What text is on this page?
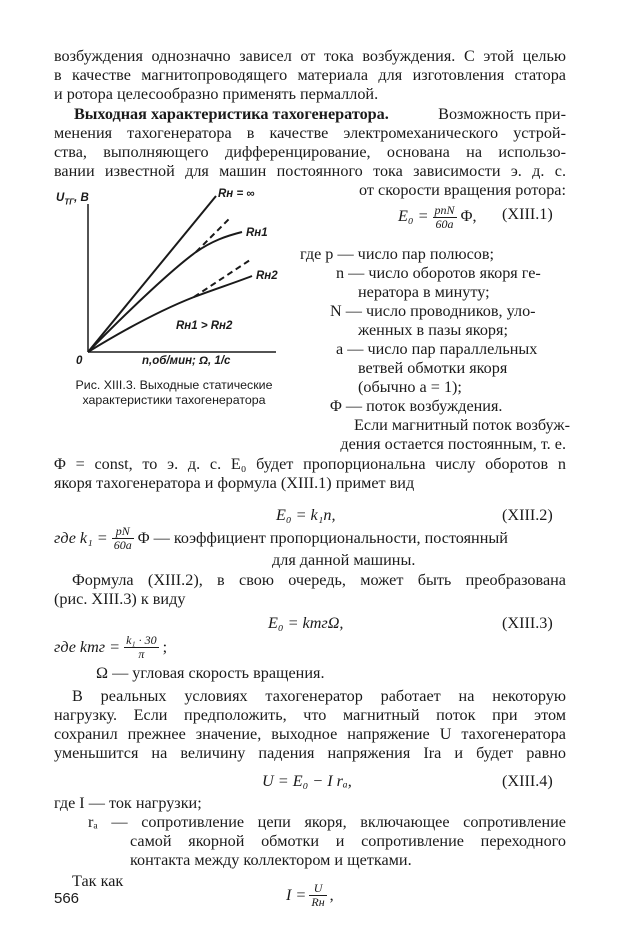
возбуждения однозначно зависел от тока возбуждения. С этой целью
в качестве магнитопроводящего материала для изготовления статора
и ротора целесообразно применять пермаллой.
Выходная характеристика тахогенератора.	Возможность при-
менения тахогенератора в качестве электромеханического устрой-
ства, выполняющего дифференцирование, основана на использо-
вании известной для машин постоянного тока зависимости э. д. с.
от скорости вращения ротора:
$U_{ТГ}$, В	Rн = ∞
Rн1
Rн2
Rн1 > Rн2
0	n,об/мин; Ω, 1/с
Рис. XIII.3. Выходные статические
характеристики тахогенератора
$E_0 = \frac{\text{pnN}}{60a} \Phi$, (XIII.1)
где p — число пар полюсов;
n — число оборотов якоря ге-
нератора в минуту;
N — число проводников, уло-
женных в пазы якоря;
a — число пар параллельных
ветвей обмотки якоря
(обычно a = 1);
Φ — поток возбуждения.
Если магнитный поток возбуж-
дения остается постоянным, т. е.
Φ = const, то э. д. с. E₀ будет пропорциональна числу оборотов n
якоря тахогенератора и формула (XIII.1) примет вид
E₀ = k₁n,	(XIII.2)
где $k_1 = \frac{pN}{60a}$ Φ — коэффициент пропорциональности, постоянный
для данной машины.
Формула (XIII.2), в свою очередь, может быть преобразована
(рис. XIII.3) к виду
E₀ = kтгΩ,	(XIII.3)
где kтг = $\frac{\text{k₁ · 30}}{\pi}$ ;
Ω — угловая скорость вращения.
В реальных условиях тахогенератор работает на некоторую
нагрузку. Если предположить, что магнитный поток при этом
сохранил прежнее значение, выходное напряжение U тахогенератора
уменьшится на величину падения напряжения Ira и будет равно
U = E₀ − I rₐ,	(XIII.4)
где I — ток нагрузки;
rₐ — сопротивление цепи якоря, включающее сопротивление
самой якорной обмотки и сопротивление переходного
контакта между коллектором и щетками.
Так как
$I = \frac{U}{Rн}$ ,
566
